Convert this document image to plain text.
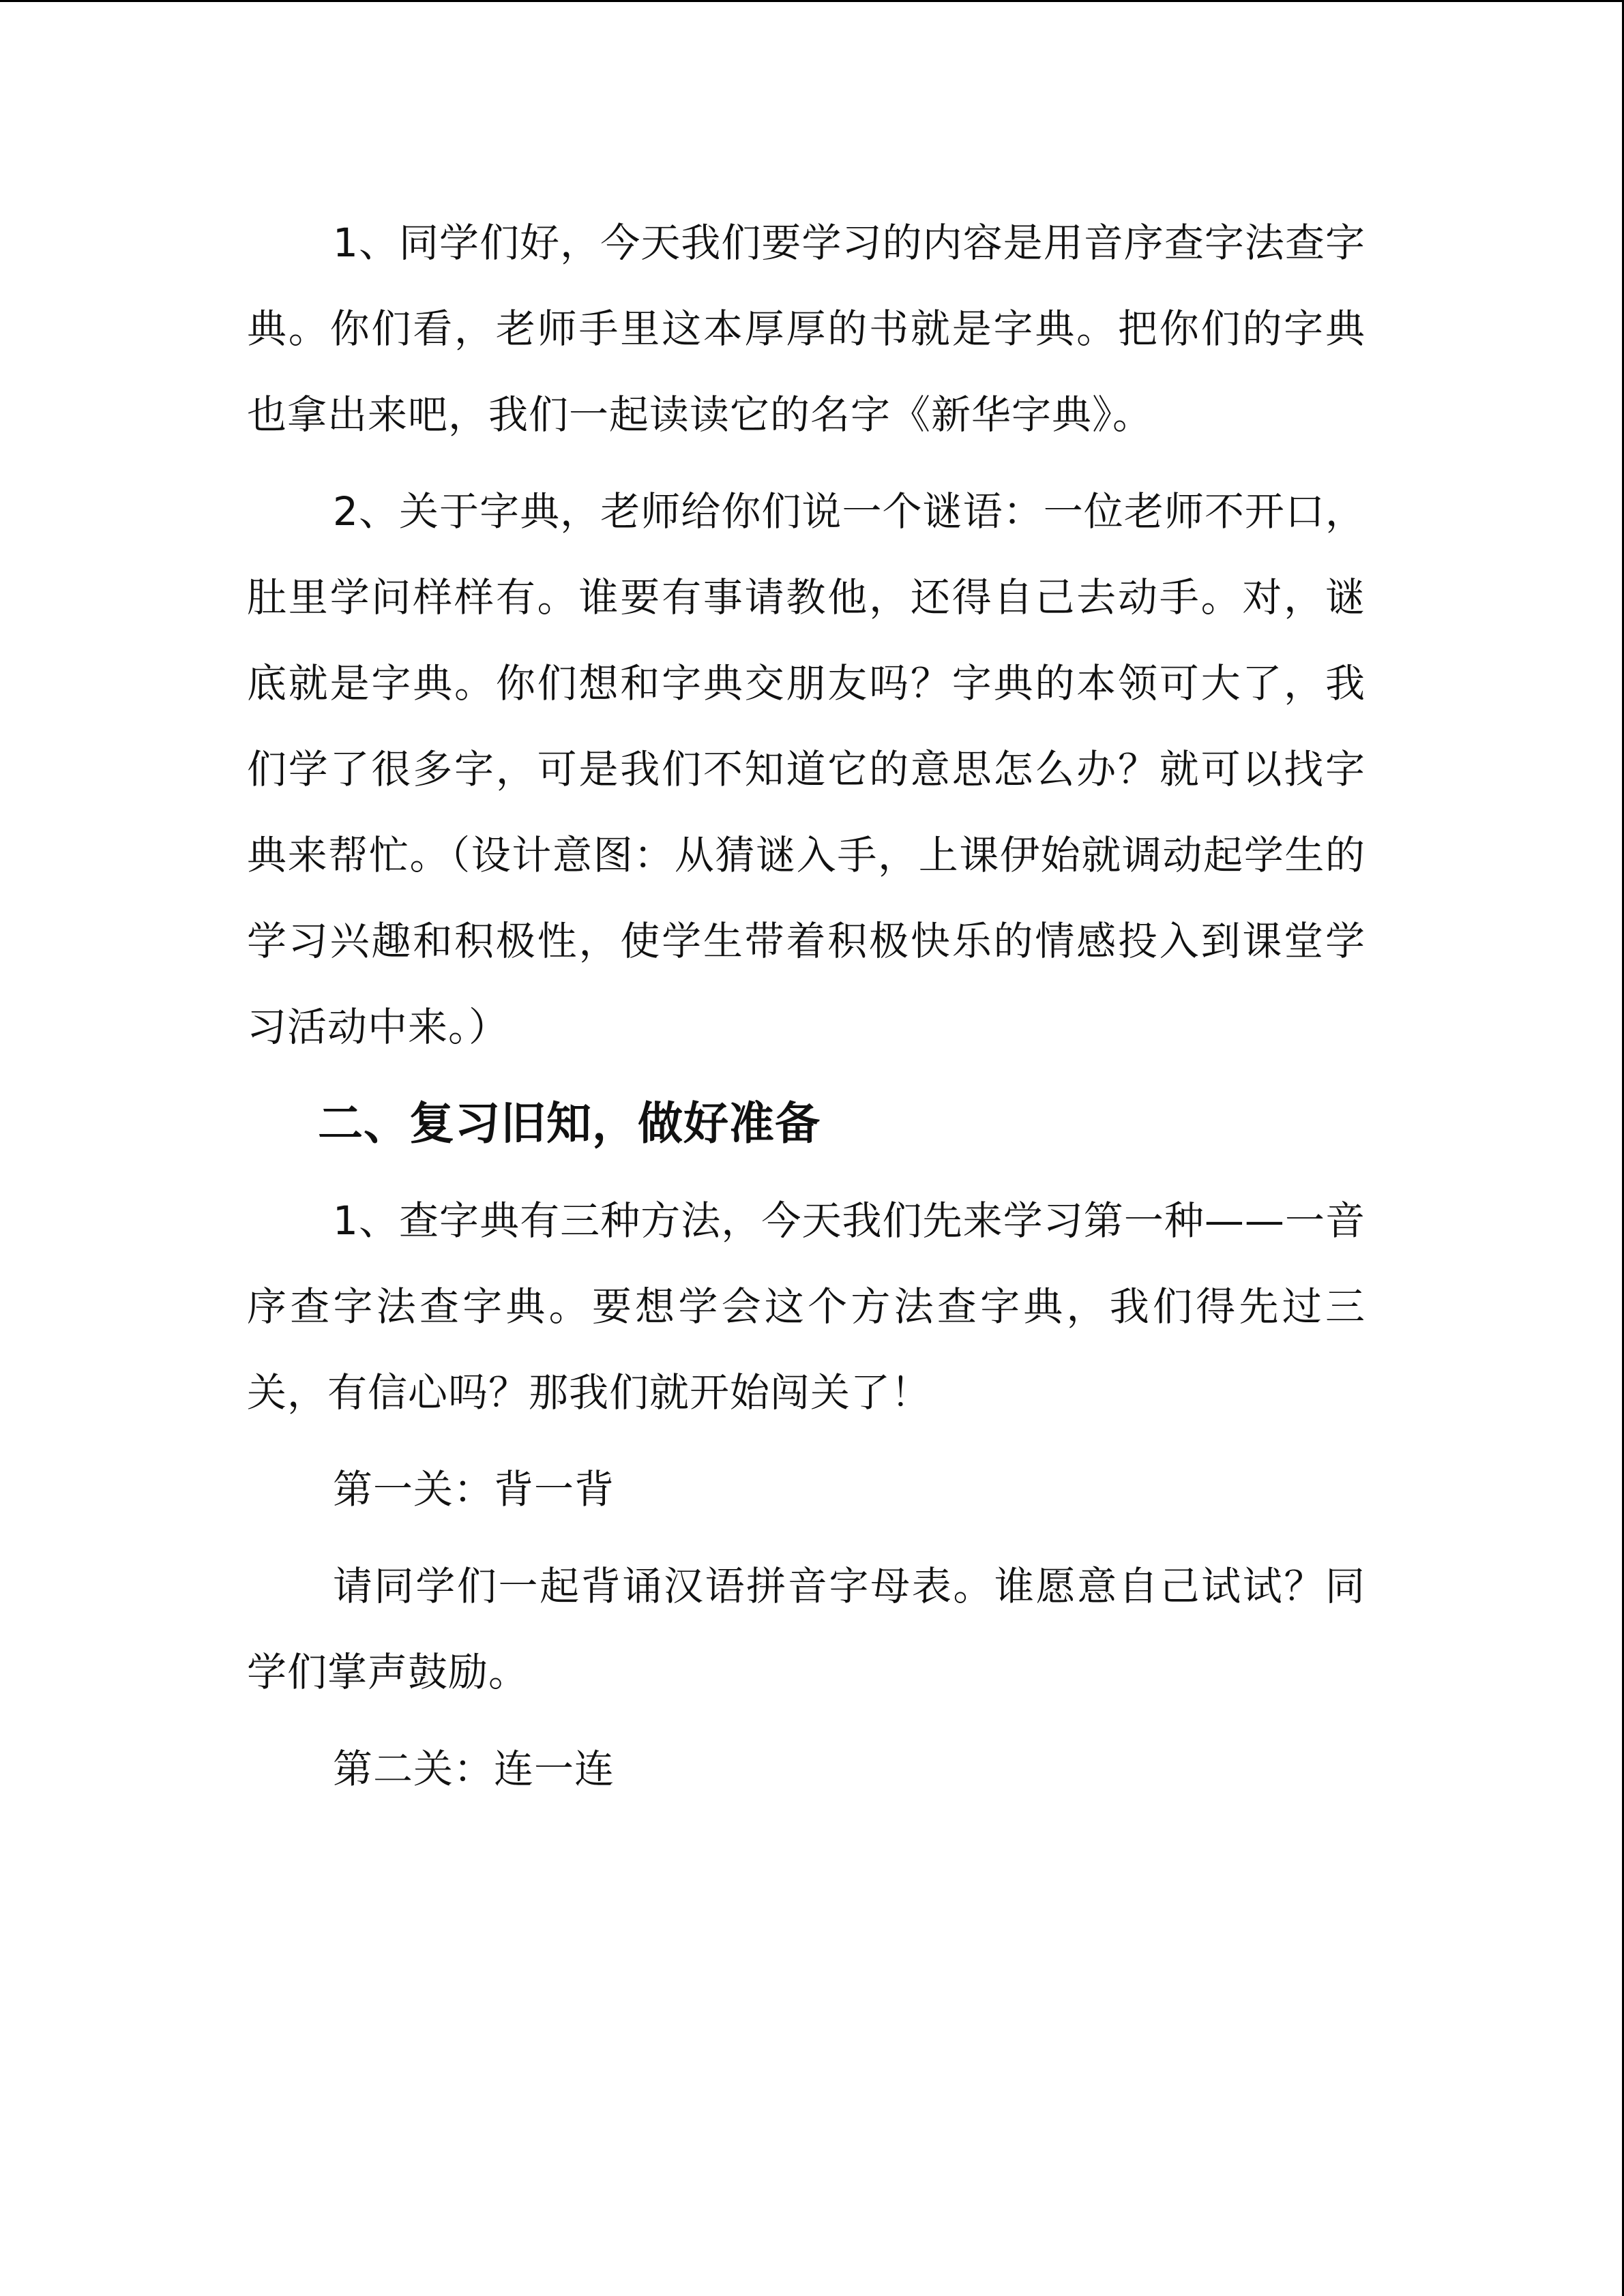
1、同学们好，今天我们要学习的内容是用音序查字法查字典。你们看，老师手里这本厚厚的书就是字典。把你们的字典也拿出来吧，我们一起读读它的名字《新华字典》。

2、关于字典，老师给你们说一个谜语：一位老师不开口，肚里学问样样有。谁要有事请教他，还得自己去动手。对，谜底就是字典。你们想和字典交朋友吗？字典的本领可大了，我们学了很多字，可是我们不知道它的意思怎么办？就可以找字典来帮忙。（设计意图：从猜谜入手，上课伊始就调动起学生的学习兴趣和积极性，使学生带着积极快乐的情感投入到课堂学习活动中来。）

二、复习旧知，做好准备

1、查字典有三种方法，今天我们先来学习第一种——一音序查字法查字典。要想学会这个方法查字典，我们得先过三关，有信心吗？那我们就开始闯关了！

第一关：背一背

请同学们一起背诵汉语拼音字母表。谁愿意自己试试？同学们掌声鼓励。

第二关：连一连
